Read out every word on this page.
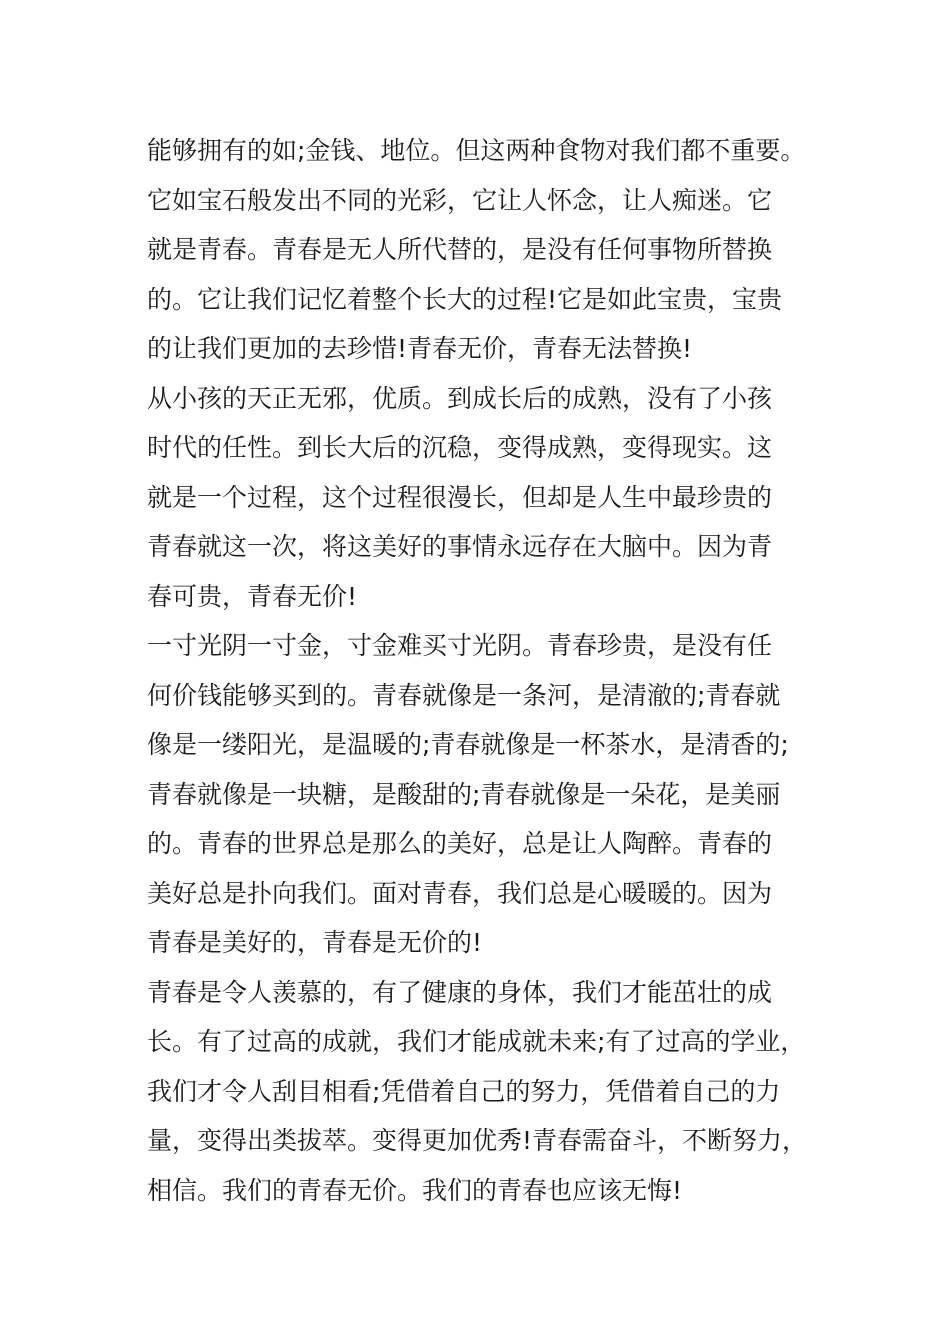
能够拥有的如;金钱、地位。但这两种食物对我们都不重要。
它如宝石般发出不同的光彩，它让人怀念，让人痴迷。它
就是青春。青春是无人所代替的，是没有任何事物所替换
的。它让我们记忆着整个长大的过程!它是如此宝贵，宝贵
的让我们更加的去珍惜!青春无价，青春无法替换!
从小孩的天正无邪，优质。到成长后的成熟，没有了小孩
时代的任性。到长大后的沉稳，变得成熟，变得现实。这
就是一个过程，这个过程很漫长，但却是人生中最珍贵的
青春就这一次，将这美好的事情永远存在大脑中。因为青
春可贵，青春无价!
一寸光阴一寸金，寸金难买寸光阴。青春珍贵，是没有任
何价钱能够买到的。青春就像是一条河，是清澈的;青春就
像是一缕阳光，是温暖的;青春就像是一杯茶水，是清香的;
青春就像是一块糖，是酸甜的;青春就像是一朵花，是美丽
的。青春的世界总是那么的美好，总是让人陶醉。青春的
美好总是扑向我们。面对青春，我们总是心暖暖的。因为
青春是美好的，青春是无价的!
青春是令人羡慕的，有了健康的身体，我们才能茁壮的成
长。有了过高的成就，我们才能成就未来;有了过高的学业，
我们才令人刮目相看;凭借着自己的努力，凭借着自己的力
量，变得出类拔萃。变得更加优秀!青春需奋斗，不断努力，
相信。我们的青春无价。我们的青春也应该无悔!
